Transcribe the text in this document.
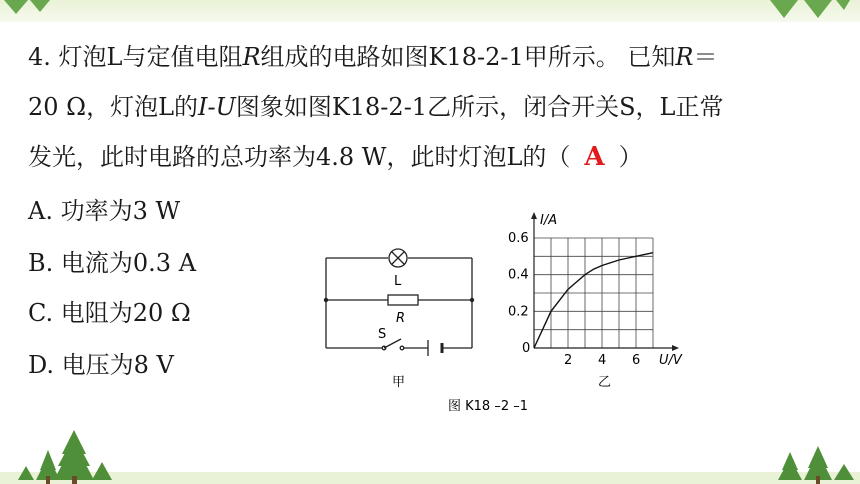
4. 灯泡L与定值电阻R组成的电路如图K18-2-1甲所示。 已知R＝
20 Ω，灯泡L的I-U图象如图K18-2-1乙所示，闭合开关S，L正常
发光，此时电路的总功率为4.8 W，此时灯泡L的（ A ）
A. 功率为3 W
B. 电流为0.3 A
C. 电阻为20 Ω
D. 电压为8 V
L
R
S
甲
2 4 6
0.2
0.4
0.6
0
I/A
U/V
乙
图 K18 –2 –1
